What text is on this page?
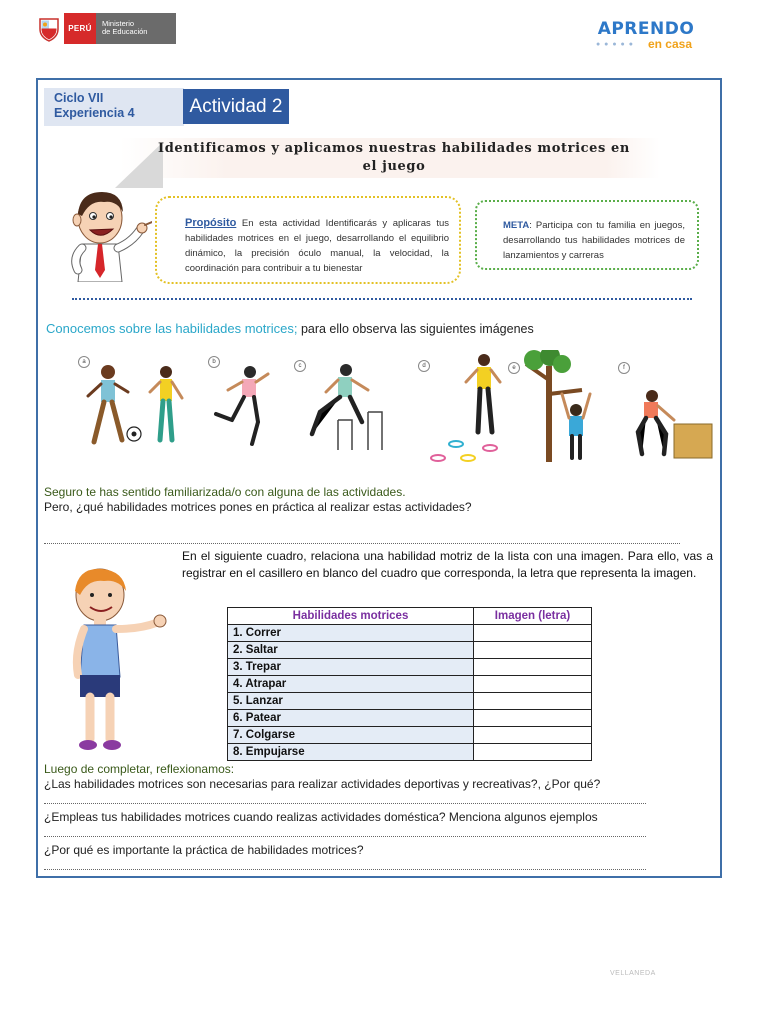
PERÚ
Ministerio
de Educación	APRENDO
● ● ● ● ●	en casa
Ciclo VII
Experiencia 4	Actividad 2
Identificamos y aplicamos nuestras habilidades motrices en
el juego
Propósito En esta actividad Identificarás y aplicaras tus habilidades motrices en el juego, desarrollando el equilibrio dinámico, la precisión óculo manual, la velocidad, la coordinación para contribuir a tu bienestar
META: Participa con tu familia en juegos, desarrollando tus habilidades motrices de lanzamientos y carreras
Conocemos sobre las habilidades motrices; para ello observa las siguientes imágenes
a	b
c	d	e	f
Seguro te has sentido familiarizada/o con alguna de las actividades.
Pero, ¿qué habilidades motrices pones en práctica al realizar estas actividades?
En el siguiente cuadro, relaciona una habilidad motriz de la lista con una imagen. Para ello, vas a registrar en el casillero en blanco del cuadro que corresponda, la letra que representa la imagen.
Habilidades motrices	Imagen (letra)
1. Correr	
2. Saltar	
3. Trepar	
4. Atrapar	
5. Lanzar	
6. Patear	
7. Colgarse	
8. Empujarse	
Luego de completar, reflexionamos:
¿Las habilidades motrices son necesarias para realizar actividades deportivas y recreativas?, ¿Por qué?
¿Empleas tus habilidades motrices cuando realizas actividades doméstica? Menciona algunos ejemplos
¿Por qué es importante la práctica de habilidades motrices?
VELLANEDA
